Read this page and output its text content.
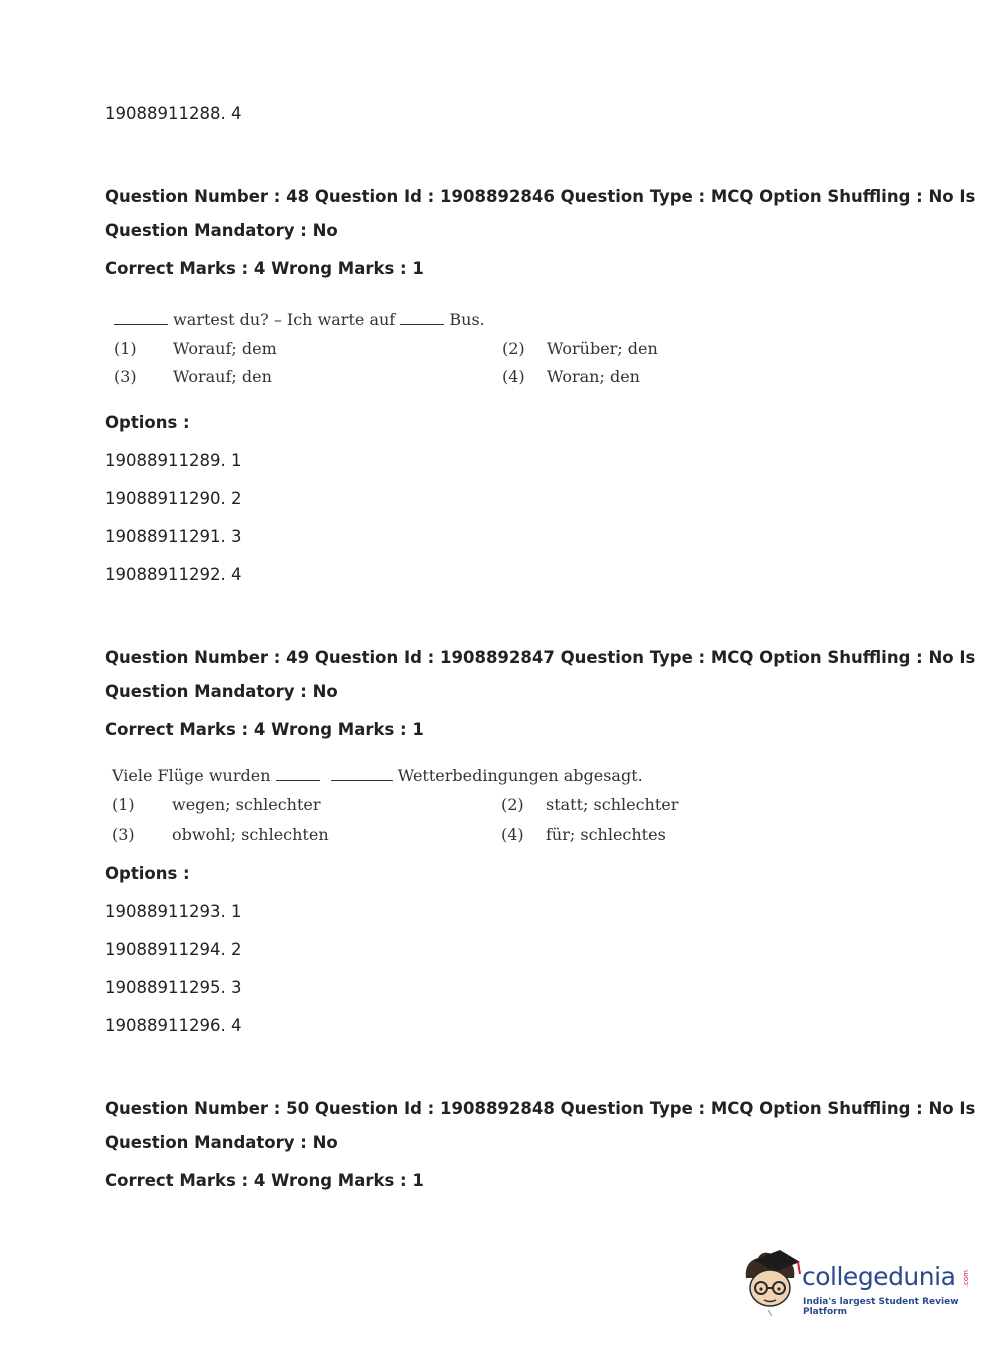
19088911288. 4
Question Number : 48 Question Id : 1908892846 Question Type : MCQ Option Shuffling : No Is
Question Mandatory : No
Correct Marks : 4 Wrong Marks : 1
wartest du? – Ich warte auf	Bus.
(1) Worauf; dem	(2) Worüber; den
(3) Worauf; den	(4) Woran; den
Options :
19088911289. 1
19088911290. 2
19088911291. 3
19088911292. 4
Question Number : 49 Question Id : 1908892847 Question Type : MCQ Option Shuffling : No Is
Question Mandatory : No
Correct Marks : 4 Wrong Marks : 1
Viele Flüge wurden	Wetterbedingungen abgesagt.
(1) wegen; schlechter	(2) statt; schlechter
(3) obwohl; schlechten	(4) für; schlechtes
Options :
19088911293. 1
19088911294. 2
19088911295. 3
19088911296. 4
Question Number : 50 Question Id : 1908892848 Question Type : MCQ Option Shuffling : No Is
Question Mandatory : No
Correct Marks : 4 Wrong Marks : 1
collegedunia .com
India's largest Student Review Platform
